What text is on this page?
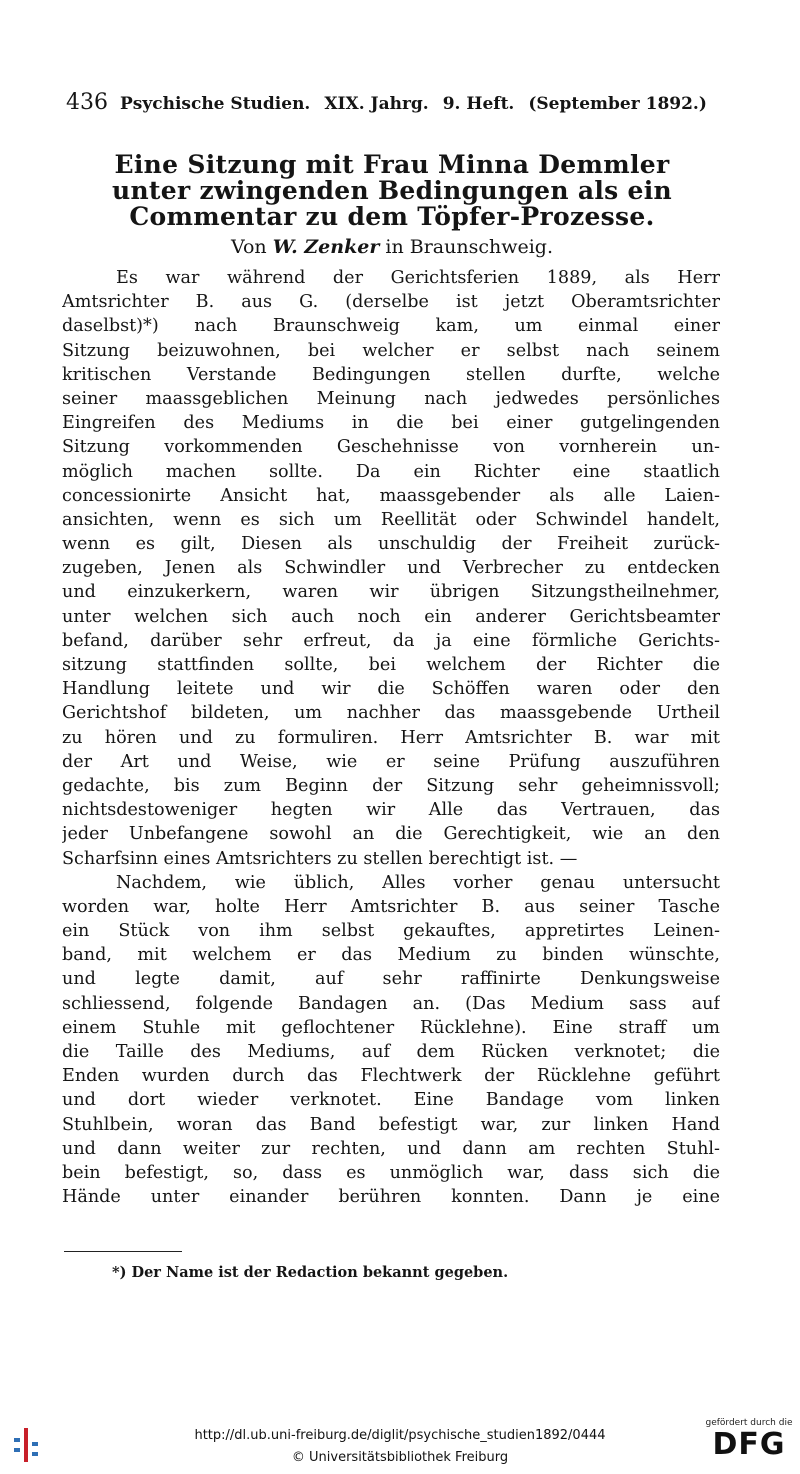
436 Psychische Studien. XIX. Jahrg. 9. Heft. (September 1892.)
Eine Sitzung mit Frau Minna Demmler
unter zwingenden Bedingungen als ein
Commentar zu dem Töpfer-Prozesse.
Von W. Zenker in Braunschweig.
Es war während der Gerichtsferien 1889, als Herr
Amtsrichter B. aus G. (derselbe ist jetzt Oberamtsrichter
daselbst)*) nach Braunschweig kam, um einmal einer
Sitzung beizuwohnen, bei welcher er selbst nach seinem
kritischen Verstande Bedingungen stellen durfte, welche
seiner maassgeblichen Meinung nach jedwedes persönliches
Eingreifen des Mediums in die bei einer gutgelingenden
Sitzung vorkommenden Geschehnisse von vornherein un-
möglich machen sollte. Da ein Richter eine staatlich
concessionirte Ansicht hat, maassgebender als alle Laien-
ansichten, wenn es sich um Reellität oder Schwindel handelt,
wenn es gilt, Diesen als unschuldig der Freiheit zurück-
zugeben, Jenen als Schwindler und Verbrecher zu entdecken
und einzukerkern, waren wir übrigen Sitzungstheilnehmer,
unter welchen sich auch noch ein anderer Gerichtsbeamter
befand, darüber sehr erfreut, da ja eine förmliche Gerichts-
sitzung stattfinden sollte, bei welchem der Richter die
Handlung leitete und wir die Schöffen waren oder den
Gerichtshof bildeten, um nachher das maassgebende Urtheil
zu hören und zu formuliren. Herr Amtsrichter B. war mit
der Art und Weise, wie er seine Prüfung auszuführen
gedachte, bis zum Beginn der Sitzung sehr geheimnissvoll;
nichtsdestoweniger hegten wir Alle das Vertrauen, das
jeder Unbefangene sowohl an die Gerechtigkeit, wie an den
Scharfsinn eines Amtsrichters zu stellen berechtigt ist. —
Nachdem, wie üblich, Alles vorher genau untersucht
worden war, holte Herr Amtsrichter B. aus seiner Tasche
ein Stück von ihm selbst gekauftes, appretirtes Leinen-
band, mit welchem er das Medium zu binden wünschte,
und legte damit, auf sehr raffinirte Denkungsweise
schliessend, folgende Bandagen an. (Das Medium sass auf
einem Stuhle mit geflochtener Rücklehne). Eine straff um
die Taille des Mediums, auf dem Rücken verknotet; die
Enden wurden durch das Flechtwerk der Rücklehne geführt
und dort wieder verknotet. Eine Bandage vom linken
Stuhlbein, woran das Band befestigt war, zur linken Hand
und dann weiter zur rechten, und dann am rechten Stuhl-
bein befestigt, so, dass es unmöglich war, dass sich die
Hände unter einander berühren konnten. Dann je eine
*) Der Name ist der Redaction bekannt gegeben.
http://dl.ub.uni-freiburg.de/diglit/psychische_studien1892/0444
© Universitätsbibliothek Freiburg
gefördert durch die
DFG
